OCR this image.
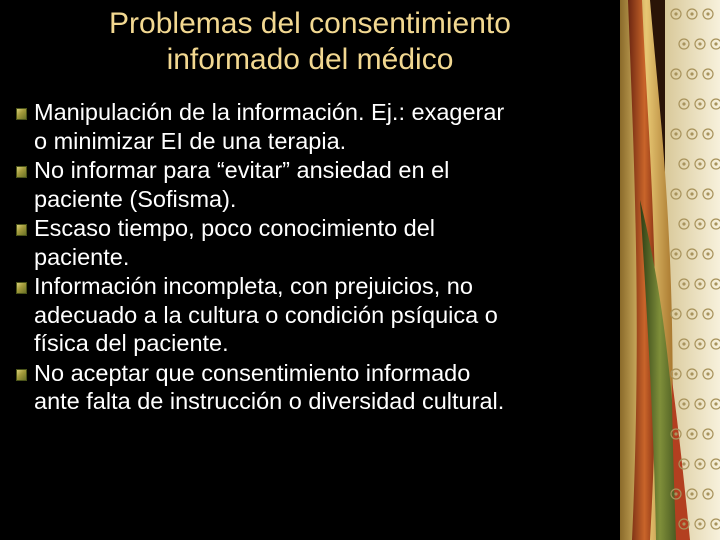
Problemas del consentimiento
informado del médico
Manipulación de la información. Ej.: exagerar
o minimizar EI de una terapia.
No informar para “evitar” ansiedad en el
paciente (Sofisma).
Escaso tiempo, poco conocimiento del
paciente.
Información incompleta, con prejuicios, no
adecuado a la cultura o condición psíquica o
física del paciente.
No aceptar que consentimiento informado
ante falta de instrucción o diversidad cultural.
